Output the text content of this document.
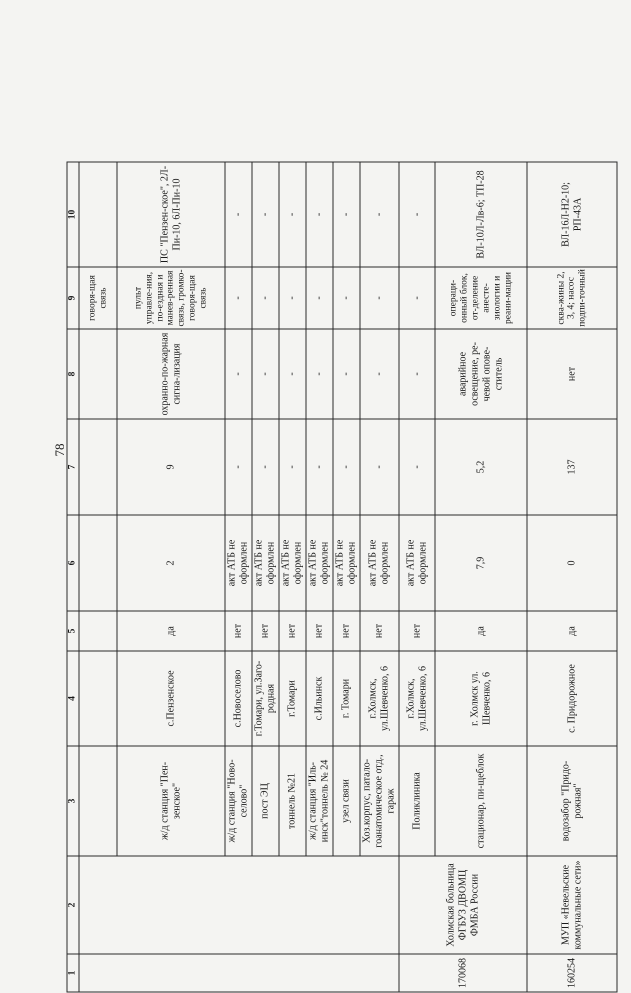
78
1	2	3	4	5	6	7	8	9	10
								говоря-щая связь	
		ж/д станция "Пен-зенское"	с.Пензенское	да	2	9	охранно-по-жарная сигна-лизация	пульт управле-ния, по-ездная и манев-ренная связь, громко-говоря-щая связь	ПС "Пензен-ское", 2Л-Пи-10, 6Л-Пи-10
		ж/д станция "Ново-селово"	с.Новоселово	нет	акт АТБ не оформлен	-	-	-	-
		пост ЭЦ	г.Томари, ул.Заго-родная	нет	акт АТБ не оформлен	-	-	-	-
		тоннель №21	г.Томари	нет	акт АТБ не оформлен	-	-	-	-
		ж/д станция "Иль-инск"тоннель № 24	с.Ильинск	нет	акт АТБ не оформлен	-	-	-	-
		узел связи	г. Томари	нет	акт АТБ не оформлен	-	-	-	-
		Хоз.корпус, патало-гоанатомическое отд., гараж	г.Холмск, ул.Шевченко, 6	нет	акт АТБ не оформлен	-	-	-	-
170068	Холмская больница ФГБУЗ ДВОМЦ ФМБА России	Поликлиника	г.Холмск, ул.Шевченко, 6	нет	акт АТБ не оформлен	-	-	-	-
		стационар, пи-щеблок	г. Холмск ул. Шевченко, 6	да	7,9	5,2	аварийное освещение, ре-чевой опове-ститель	операци-онный блок, от-деление анесте-зиологии и реани-мации	ВЛ-10Л-Лв-6; ТП-28
160254	МУП «Невельские коммунальные сети»	водозабор "Придо-рожная"	с. Придорожное	да	0	137	нет	сква-жины 2, 3, 4; насос подпи-точный	ВЛ-16Л-Н2-10; РП-43А
